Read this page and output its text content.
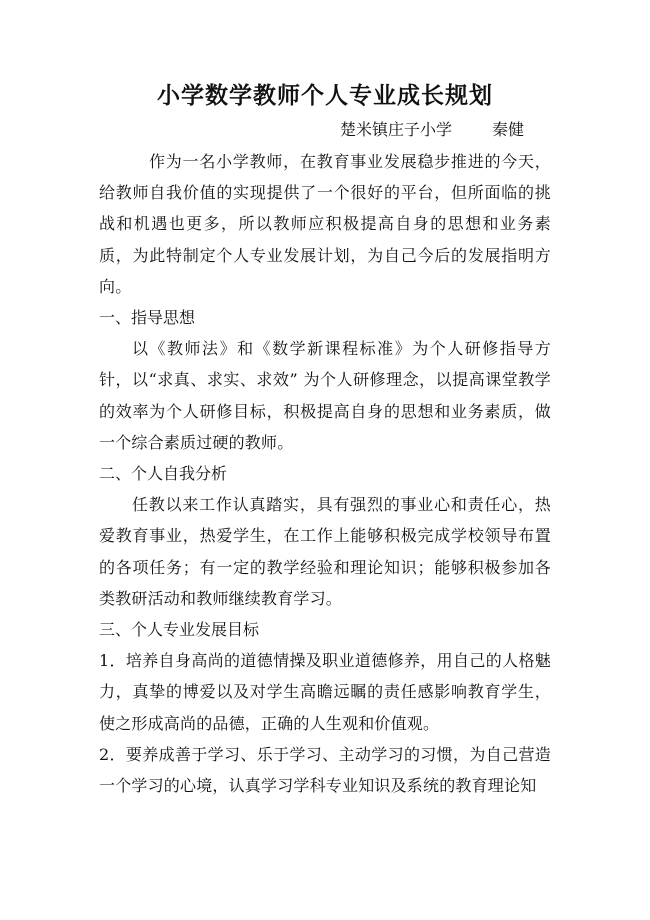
小学数学教师个人专业成长规划
楚米镇庄子小学	秦健

作为一名小学教师，在教育事业发展稳步推进的今天，给教师自我价值的实现提供了一个很好的平台，但所面临的挑战和机遇也更多，所以教师应积极提高自身的思想和业务素质，为此特制定个人专业发展计划，为自己今后的发展指明方向。

一、指导思想

以《教师法》和《数学新课程标准》为个人研修指导方针，以“求真、求实、求效” 为个人研修理念，以提高课堂教学的效率为个人研修目标，积极提高自身的思想和业务素质，做一个综合素质过硬的教师。

二、个人自我分析

任教以来工作认真踏实，具有强烈的事业心和责任心，热爱教育事业，热爱学生，在工作上能够积极完成学校领导布置的各项任务；有一定的教学经验和理论知识；能够积极参加各类教研活动和教师继续教育学习。

三、个人专业发展目标

1．培养自身高尚的道德情操及职业道德修养，用自己的人格魅力，真挚的博爱以及对学生高瞻远瞩的责任感影响教育学生，使之形成高尚的品德，正确的人生观和价值观。

2．要养成善于学习、乐于学习、主动学习的习惯，为自己营造一个学习的心境，认真学习学科专业知识及系统的教育理论知
